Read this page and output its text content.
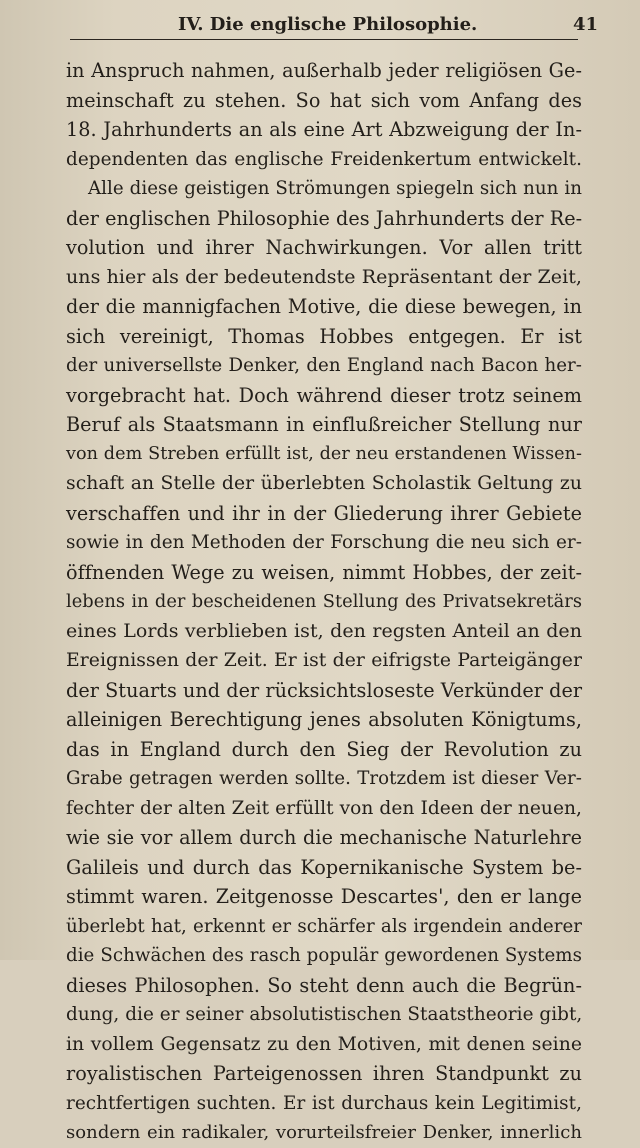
IV. Die englische Philosophie.	41
in Anspruch nahmen, außerhalb jeder religiösen Ge-
meinschaft zu stehen. So hat sich vom Anfang des
18. Jahrhunderts an als eine Art Abzweigung der In-
dependenten das englische Freidenkertum entwickelt.
Alle diese geistigen Strömungen spiegeln sich nun in
der englischen Philosophie des Jahrhunderts der Re-
volution und ihrer Nachwirkungen. Vor allen tritt
uns hier als der bedeutendste Repräsentant der Zeit,
der die mannigfachen Motive, die diese bewegen, in
sich vereinigt, Thomas Hobbes entgegen. Er ist
der universellste Denker, den England nach Bacon her-
vorgebracht hat. Doch während dieser trotz seinem
Beruf als Staatsmann in einflußreicher Stellung nur
von dem Streben erfüllt ist, der neu erstandenen Wissen-
schaft an Stelle der überlebten Scholastik Geltung zu
verschaffen und ihr in der Gliederung ihrer Gebiete
sowie in den Methoden der Forschung die neu sich er-
öffnenden Wege zu weisen, nimmt Hobbes, der zeit-
lebens in der bescheidenen Stellung des Privatsekretärs
eines Lords verblieben ist, den regsten Anteil an den
Ereignissen der Zeit. Er ist der eifrigste Parteigänger
der Stuarts und der rücksichtsloseste Verkünder der
alleinigen Berechtigung jenes absoluten Königtums,
das in England durch den Sieg der Revolution zu
Grabe getragen werden sollte. Trotzdem ist dieser Ver-
fechter der alten Zeit erfüllt von den Ideen der neuen,
wie sie vor allem durch die mechanische Naturlehre
Galileis und durch das Kopernikanische System be-
stimmt waren. Zeitgenosse Descartes', den er lange
überlebt hat, erkennt er schärfer als irgendein anderer
die Schwächen des rasch populär gewordenen Systems
dieses Philosophen. So steht denn auch die Begrün-
dung, die er seiner absolutistischen Staatstheorie gibt,
in vollem Gegensatz zu den Motiven, mit denen seine
royalistischen Parteigenossen ihren Standpunkt zu
rechtfertigen suchten. Er ist durchaus kein Legitimist,
sondern ein radikaler, vorurteilsfreier Denker, innerlich
